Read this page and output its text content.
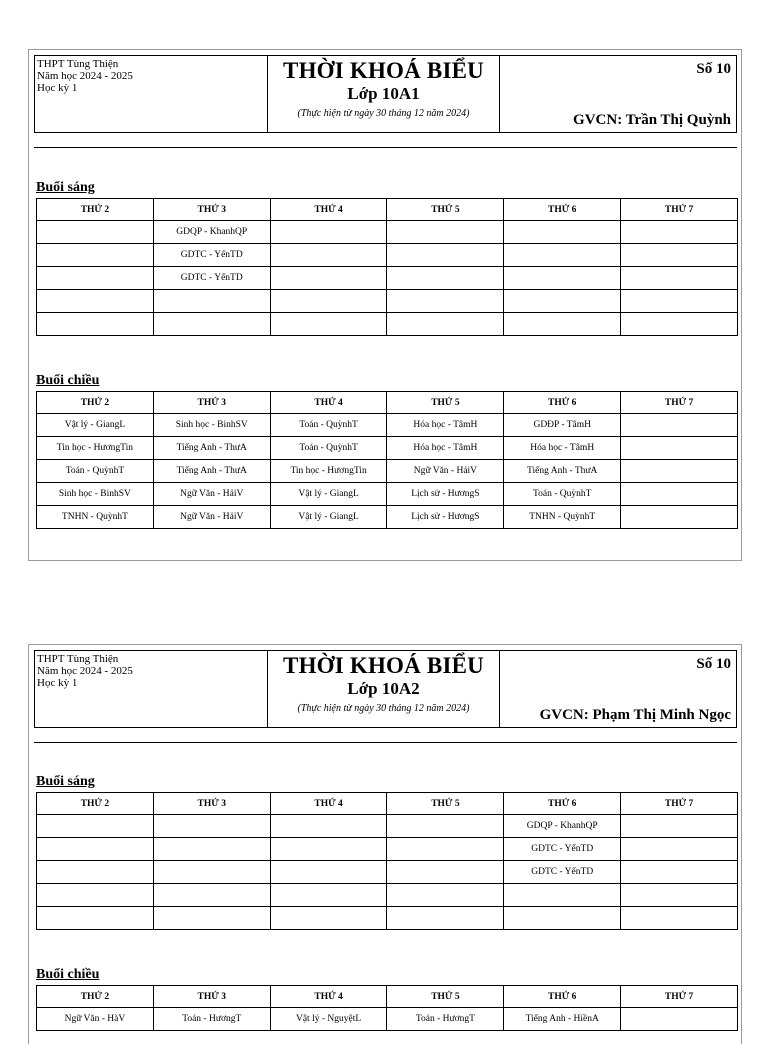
THPT Tùng Thiện
Năm học 2024 - 2025
Học kỳ 1
THỜI KHOÁ BIỂU
Lớp 10A1
(Thực hiện từ ngày 30 tháng 12 năm 2024)
Số 10
GVCN: Trần Thị Quỳnh
Buổi sáng
THỨ 2	THỨ 3	THỨ 4	THỨ 5	THỨ 6	THỨ 7
	GDQP - KhanhQP				
	GDTC - YếnTD				
	GDTC - YếnTD				

Buổi chiều
THỨ 2	THỨ 3	THỨ 4	THỨ 5	THỨ 6	THỨ 7
Vật lý - GiangL	Sinh học - BinhSV	Toán - QuỳnhT	Hóa học - TâmH	GDĐP - TâmH	
Tin học - HươngTin	Tiếng Anh - ThưA	Toán - QuỳnhT	Hóa học - TâmH	Hóa học - TâmH	
Toán - QuỳnhT	Tiếng Anh - ThưA	Tin học - HươngTin	Ngữ Văn - HảiV	Tiếng Anh - ThưA	
Sinh học - BinhSV	Ngữ Văn - HảiV	Vật lý - GiangL	Lịch sử - HươngS	Toán - QuỳnhT	
TNHN - QuỳnhT	Ngữ Văn - HảiV	Vật lý - GiangL	Lịch sử - HươngS	TNHN - QuỳnhT	
THPT Tùng Thiện
Năm học 2024 - 2025
Học kỳ 1
THỜI KHOÁ BIỂU
Lớp 10A2
(Thực hiện từ ngày 30 tháng 12 năm 2024)
Số 10
GVCN: Phạm Thị Minh Ngọc
Buổi sáng
THỨ 2	THỨ 3	THỨ 4	THỨ 5	THỨ 6	THỨ 7
				GDQP - KhanhQP	
				GDTC - YếnTD	
				GDTC - YếnTD	

Buổi chiều
THỨ 2	THỨ 3	THỨ 4	THỨ 5	THỨ 6	THỨ 7
Ngữ Văn - HàV	Toán - HươngT	Vật lý - NguyệtL	Toán - HươngT	Tiếng Anh - HiềnA	
